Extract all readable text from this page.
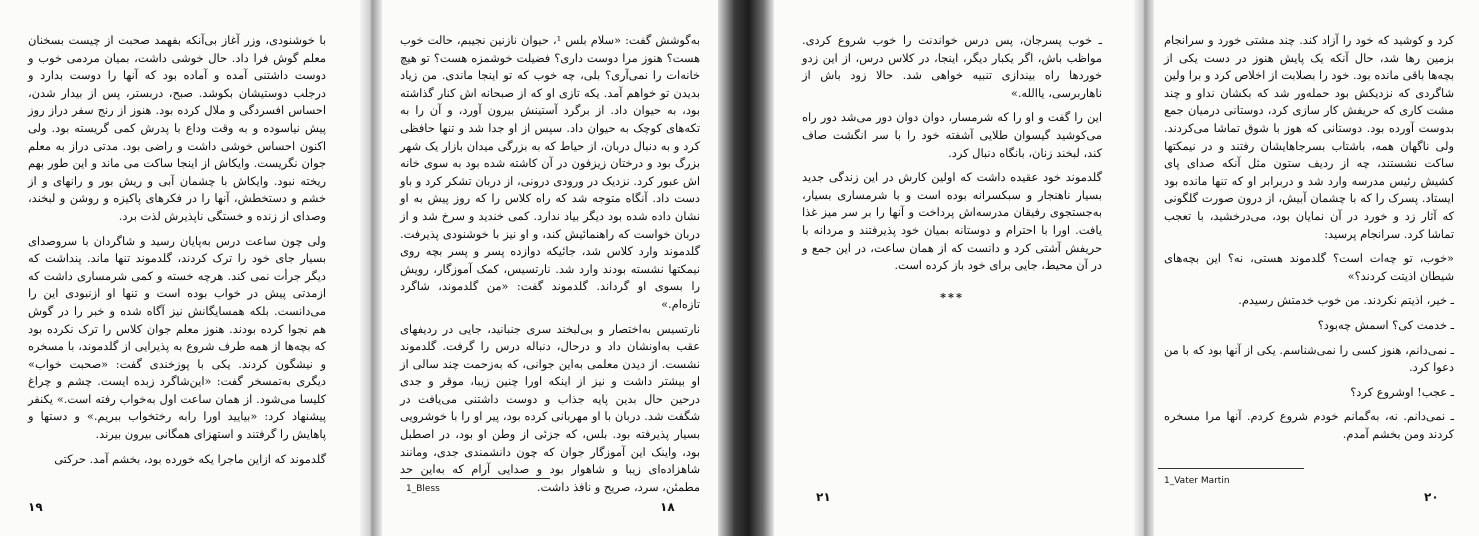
با خوشنودی، وزر آغاز بی‌آنکه بفهمد صحبت از چیست بسخنان معلم گوش فرا داد. حال خوشی داشت، بمیان مردمی خوب و دوست داشتنی آمده و آماده بود که آنها را دوست بدارد و درجلب دوستیشان بکوشد. صبح، دربستر، پس از بیدار شدن، احساس افسردگی و ملال کرده بود. هنوز از رنج سفر دراز روز پیش نیاسوده و به وقت وداع با پدرش کمی گریسته بود. ولی اکنون احساس خوشی داشت و راضی بود. مدتی دراز به معلم جوان نگریست. وایکاش از اینجا ساکت می ماند و این طور بهم ریخته نبود. وایکاش با چشمان آبی و ریش بور و رانهای و از خشم و دستخطش، آنها را در فکرهای پاکیزه و روشن و لبخند، وصدای از زنده و خستگی ناپذیرش لذت برد.

ولی چون ساعت درس به‌پایان رسید و شاگردان با سروصدای بسیار جای خود را ترک کردند، گلدموند تنها ماند. پنداشت که دیگر جرأت نمی کند. هرچه خسته و کمی شرمساری داشت که ازمدتی پیش در خواب بوده است و تنها او ازنبودی این را می‌دانست. بلکه همسایگانش نیز آگاه شده و خبر را در گوش هم نجوا کرده بودند. هنوز معلم جوان کلاس را ترک نکرده بود که بچه‌ها از همه طرف شروع به پذیرایی از گلدموند، با مسخره و نیشگون کردند. یکی با پوزخندی گفت: «صحبت خواب» دیگری به‌تمسخر گفت: «این‌شاگرد زبده ایست. چشم و چراغ کلیسا می‌شود. از همان ساعت اول به‌خواب رفته است.» یکنفر پیشنهاد کرد: «بیایید اورا رابه رختخواب ببریم.» و دستها و پاهایش را گرفتند و استهزای همگانی بیرون بیرند.

گلدموند که ازاین ماجرا یکه خورده بود، بخشم آمد. حرکتی

۱۹

به‌گوشش گفت: «سلام بلس ¹، حیوان نازنین نجیبم، حالت خوب هست؟ هنوز مرا دوست داری؟ فضیلت خوشمزه هست؟ تو هیچ‌ خانه‌ات را نمی‌آری؟ بلی، چه خوب که تو اینجا ماندی. من زیاد بدیدن تو خواهم آمد. یکه تازی او که از صبحانه اش کنار گذاشته بود، به حیوان داد. از برگرد آستینش بیرون آورد، و آن را به تکه‌های کوچک به حیوان داد. سپس از او جدا شد و تنها حافظی کرد و به دنبال دربان، از حیاط که به بزرگی میدان بازار یک شهر بزرگ بود و درختان زیزفون در آن کاشته شده بود به سوی خانه اش عبور کرد. نزدیک در ورودی درونی، از دربان تشکر کرد و باو دست داد. آنگاه متوجه شد که راه کلاس را که روز پیش به او نشان داده شده بود دیگر بیاد ندارد. کمی خندید و سرخ شد و از دربان خواست که راهنمائیش کند، و او نیز با خوشنودی پذیرفت. گلدموند وارد کلاس شد، جائیکه دوازده پسر و پسر بچه روی نیمکتها نشسته بودند وارد شد. نارتسیس، کمک آموزگار، رویش را بسوی او گرداند. گلدموند گفت: «من گلدموند، شاگرد تازه‌ام.»

نارتسیس به‌اختصار و بی‌لبخند سری جنبانید، جایی در ردیفهای عقب به‌اونشان داد و درحال، دنباله درس را گرفت. گلدموند نشست. از دیدن معلمی به‌این جوانی، که به‌زحمت چند سالی از او بیشتر داشت و نیز از اینکه اورا چنین زیبا، موقر و جدی درحین حال بدین پایه جذاب و دوست داشتنی می‌یافت در شگفت شد. دربان با او مهربانی کرده بود، پیر او را با خوشرویی بسیار پذیرفته بود. بلس، که جزئی از وطن او بود، در اصطبل بود، واینک این آموزگار جوان که چون دانشمندی جدی، ومانند شاهزاده‌ای زیبا و شاهوار بود و صدایی آرام که به‌این حد مطمئن، سرد، صریح و نافذ داشت.

1_Bless
۱۸

ـ خوب پسرجان، پس درس خواندنت را خوب شروع کردی. مواظب باش، اگر یکبار دیگر، اینجا، در کلاس درس، از این زدو خوردها راه بیندازی تنبیه خواهی شد. حالا زود باش از ناهاربرسی، یاالله.»

این را گفت و او را که شرمسار، دوان دوان دور می‌شد دور راه می‌کوشید گیسوان طلایی آشفته خود را با سر انگشت صاف کند، لبخند زنان، بانگاه دنبال کرد.

گلدموند خود عقیده داشت که اولین کارش در این زندگی جدید بسیار ناهنجار و سبکسرانه بوده است و با شرمساری بسیار، به‌جستجوی رفیقان مدرسه‌اش پرداخت و آنها را بر سر میز غذا یافت. اورا با احترام و دوستانه بمیان خود پذیرفتند و مردانه با حریفش آشتی کرد و دانست که از همان ساعت، در این جمع و در آن محیط، جایی برای خود باز کرده است.

***
۲۱

کرد و کوشید که خود را آزاد کند. چند مشتی خورد و سرانجام بزمین رها شد، حال آنکه یک پایش هنوز در دست یکی از بچه‌ها باقی مانده بود. خود را بصلابت از اخلاص کرد و برا ولین شاگردی که نزدیکش بود حمله‌ور شد که بکشان نداو و چند مشت کاری که حریفش کار سازی کرد، دوستانی درمیان جمع بدوست آورده بود. دوستانی که هوز با شوق تماشا می‌کردند. ولی ناگهان همه، باشتاب بسرجاهایشان رفتند و در نیمکتها ساکت نشستند، چه از ردیف ستون مثل آنکه صدای پای کشیش رئیس مدرسه وارد شد و دربرابر او که تنها مانده بود ایستاد. پسرک را که با چشمان آبیش، از درون صورت گلگونی که آثار زد و خورد در آن نمایان بود، می‌درخشید، با تعجب تماشا کرد. سرانجام پرسید:

«خوب، تو چه‌ات است؟ گلدموند هستی، نه؟ این بچه‌های شیطان اذیتت کردند؟»

ـ خیر، اذیتم نکردند. من خوب خدمتش رسیدم.

ـ خدمت کی؟ اسمش چه‌بود؟

ـ نمی‌دانم، هنوز کسی را نمی‌شناسم. یکی از آنها بود که با من دعوا کرد.

ـ عجب! اوشروع کرد؟

ـ نمی‌دانم. نه، به‌گمانم خودم شروع کردم. آنها مرا مسخره کردند ومن بخشم آمدم.

1_Vater Martin
۲۰
